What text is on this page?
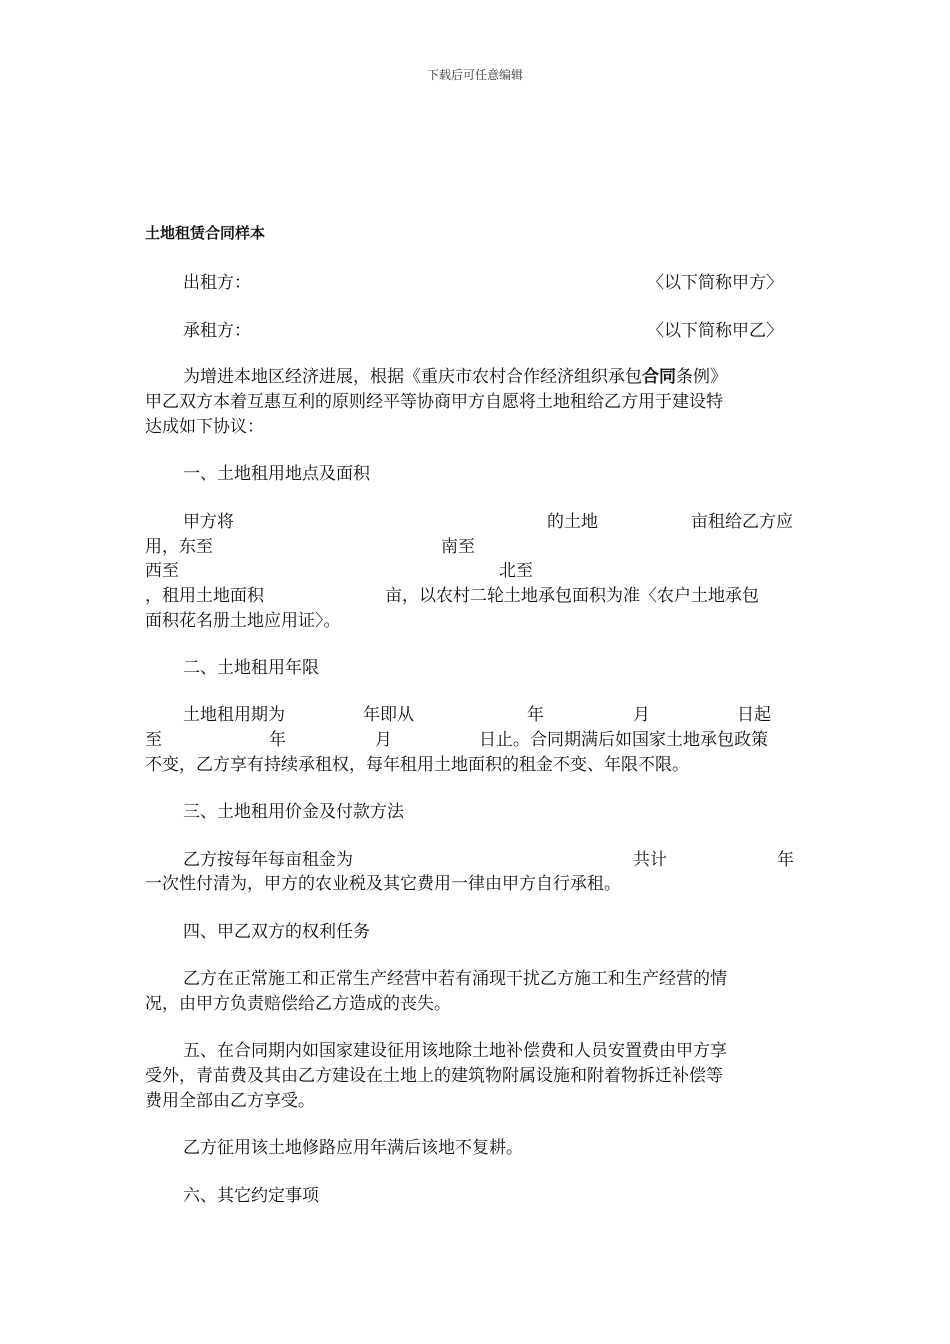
下载后可任意编辑
土地租赁合同样本
出租方：	〈以下简称甲方〉
承租方：	〈以下简称甲乙〉
为增进本地区经济进展，根据《重庆市农村合作经济组织承包合同条例》
甲乙双方本着互惠互利的原则经平等协商甲方自愿将土地租给乙方用于建设特
达成如下协议：
一、土地租用地点及面积
甲方将	的土地	亩租给乙方应
用，东至	南至
西至	北至
，租用土地面积	亩，以农村二轮土地承包面积为准〈农户土地承包
面积花名册土地应用证〉。
二、土地租用年限
土地租用期为	年即从	年	月	日起
至	年	月	日止。合同期满后如国家土地承包政策
不变，乙方享有持续承租权，每年租用土地面积的租金不变、年限不限。
三、土地租用价金及付款方法
乙方按每年每亩租金为	共计	年
一次性付清为，甲方的农业税及其它费用一律由甲方自行承租。
四、甲乙双方的权利任务
乙方在正常施工和正常生产经营中若有涌现干扰乙方施工和生产经营的情
况，由甲方负责赔偿给乙方造成的丧失。
五、在合同期内如国家建设征用该地除土地补偿费和人员安置费由甲方享
受外，青苗费及其由乙方建设在土地上的建筑物附属设施和附着物拆迁补偿等
费用全部由乙方享受。
乙方征用该土地修路应用年满后该地不复耕。
六、其它约定事项
